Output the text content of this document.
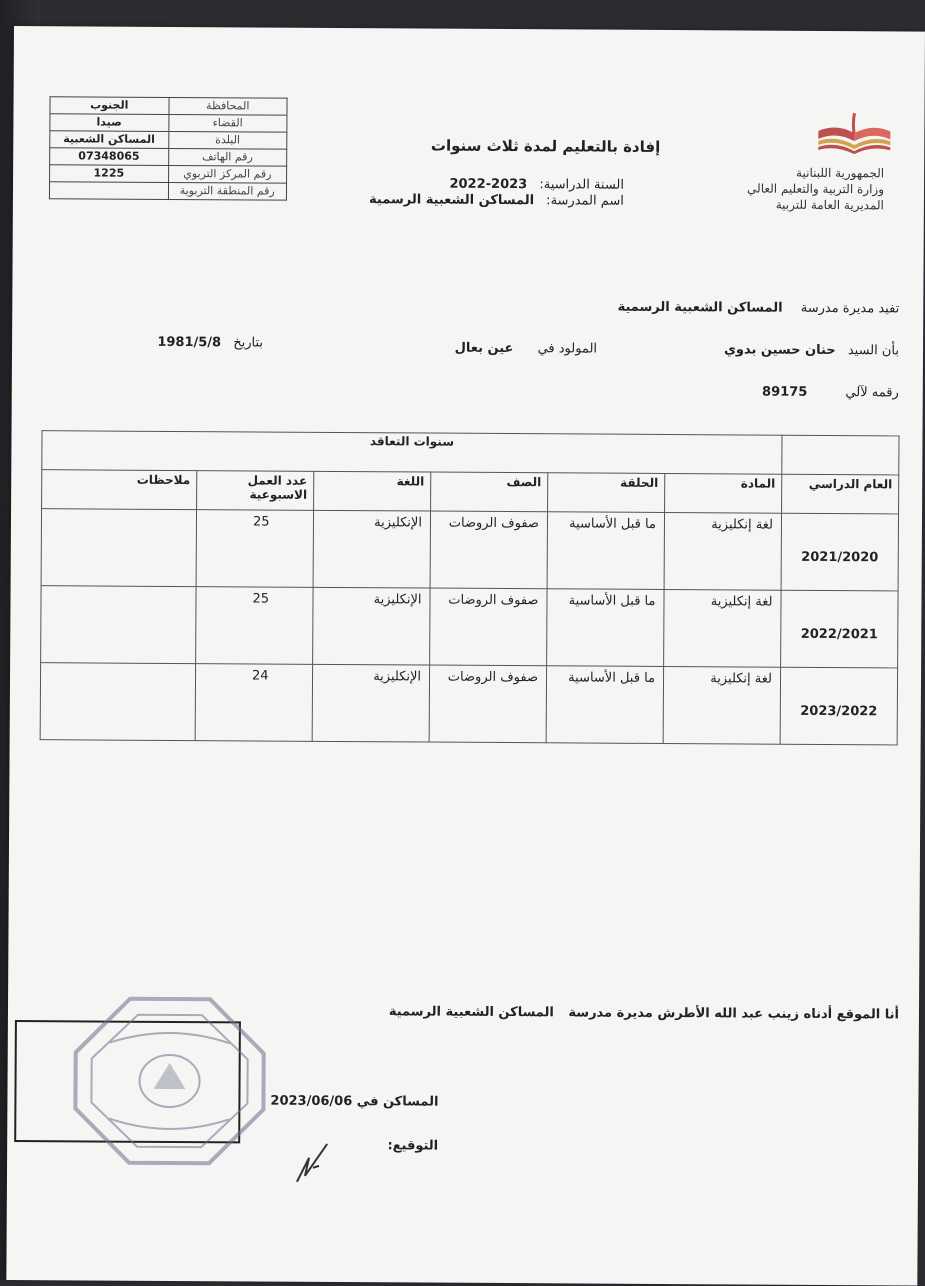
المحافظة	الجنوب
القضاء	صيدا
البلدة	المساكن الشعبية
رقم الهاتف	07348065
رقم المركز التربوي	1225
رقم المنطقة التربوية	
الجمهورية اللبنانية
وزارة التربية والتعليم العالي
المديرية العامة للتربية
إفادة بالتعليم لمدة ثلاث سنوات
السنة الدراسية: 2023-2022
اسم المدرسة: المساكن الشعبية الرسمية
تفيد مديرة مدرسة المساكن الشعبية الرسمية
بأن السيد حنان حسين بدوي
المولود في عين بعال
بتاريخ 1981/5/8
رقمه لآلي 89175
	سنوات التعاقد					
العام الدراسي	المادة	الحلقة	الصف	اللغة	عدد العمل الاسبوعية	ملاحظات
2021/2020	لغة إنكليزية	ما قبل الأساسية	صفوف الروضات	الإنكليزية	25	
2022/2021	لغة إنكليزية	ما قبل الأساسية	صفوف الروضات	الإنكليزية	25	
2023/2022	لغة إنكليزية	ما قبل الأساسية	صفوف الروضات	الإنكليزية	24	
أنا الموقع أدناه زينب عبد الله الأطرش مديرة مدرسة المساكن الشعبية الرسمية
المساكن في 2023/06/06
التوقيع:
